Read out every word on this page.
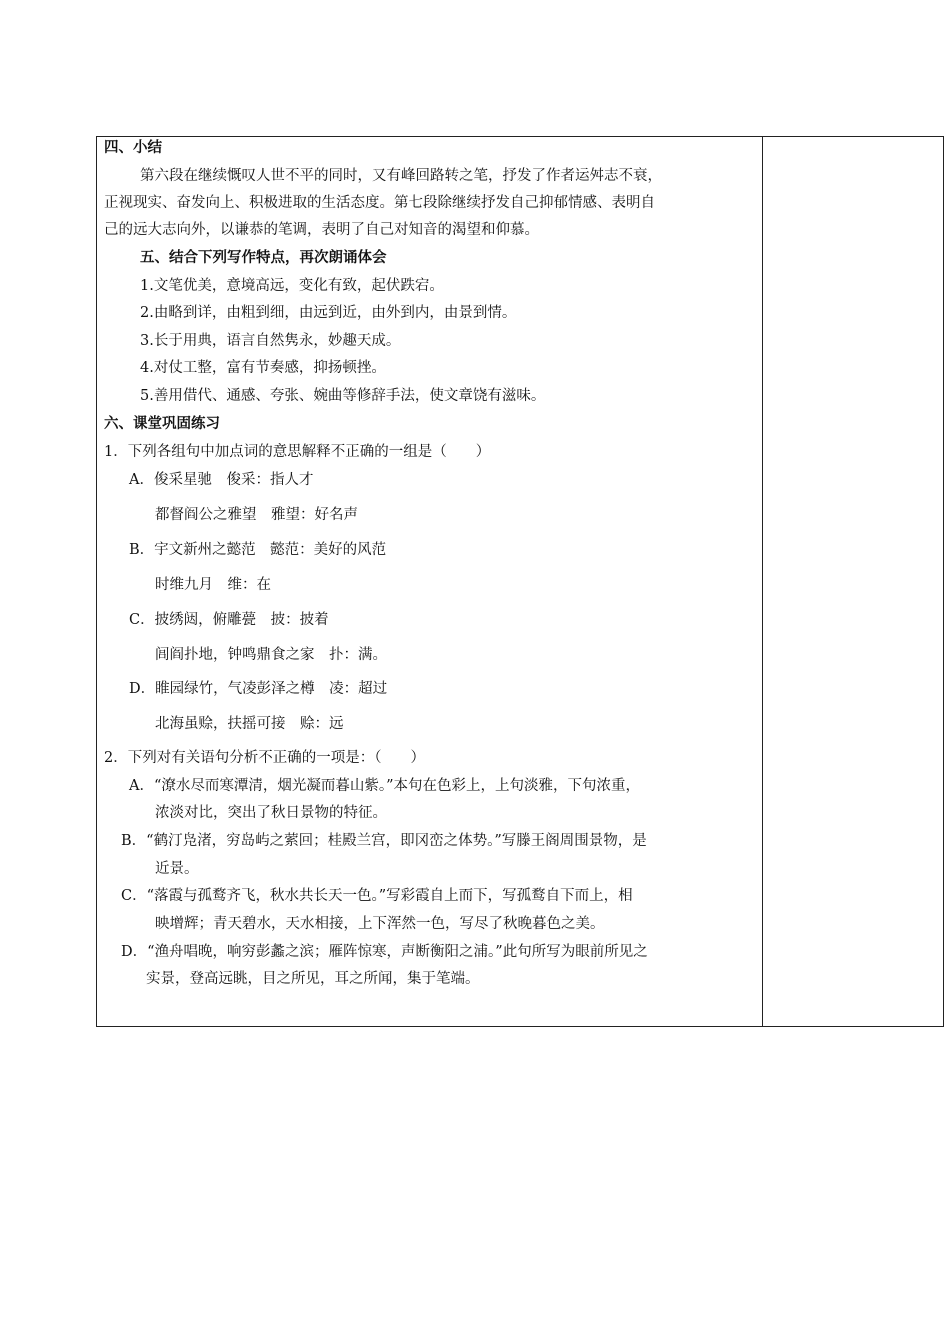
四、小结
第六段在继续慨叹人世不平的同时，又有峰回路转之笔，抒发了作者运舛志不衰，
正视现实、奋发向上、积极进取的生活态度。第七段除继续抒发自己抑郁情感、表明自
己的远大志向外，以谦恭的笔调，表明了自己对知音的渴望和仰慕。
五、结合下列写作特点，再次朗诵体会
1.文笔优美，意境高远，变化有致，起伏跌宕。
2.由略到详，由粗到细，由远到近，由外到内，由景到情。
3.长于用典，语言自然隽永，妙趣天成。
4.对仗工整，富有节奏感，抑扬顿挫。
5.善用借代、通感、夸张、婉曲等修辞手法，使文章饶有滋味。
六、课堂巩固练习
1．下列各组句中加点词的意思解释不正确的一组是（　　）
A．俊采星驰　俊采：指人才
都督阎公之雅望　雅望：好名声
B．宇文新州之懿范　懿范：美好的风范
时维九月　维：在
C．披绣闼，俯雕甍　披：披着
闾阎扑地，钟鸣鼎食之家　扑：满。
D．睢园绿竹，气凌彭泽之樽　凌：超过
北海虽赊，扶摇可接　赊：远
2．下列对有关语句分析不正确的一项是：（　　）
A．“潦水尽而寒潭清，烟光凝而暮山紫。”本句在色彩上，上句淡雅，下句浓重，
浓淡对比，突出了秋日景物的特征。
B．“鹤汀凫渚，穷岛屿之萦回；桂殿兰宫，即冈峦之体势。”写滕王阁周围景物，是
近景。
C．“落霞与孤鹜齐飞，秋水共长天一色。”写彩霞自上而下，写孤鹜自下而上，相
映增辉；青天碧水，天水相接，上下浑然一色，写尽了秋晚暮色之美。
D．“渔舟唱晚，响穷彭蠡之滨；雁阵惊寒，声断衡阳之浦。”此句所写为眼前所见之
实景，登高远眺，目之所见，耳之所闻，集于笔端。
